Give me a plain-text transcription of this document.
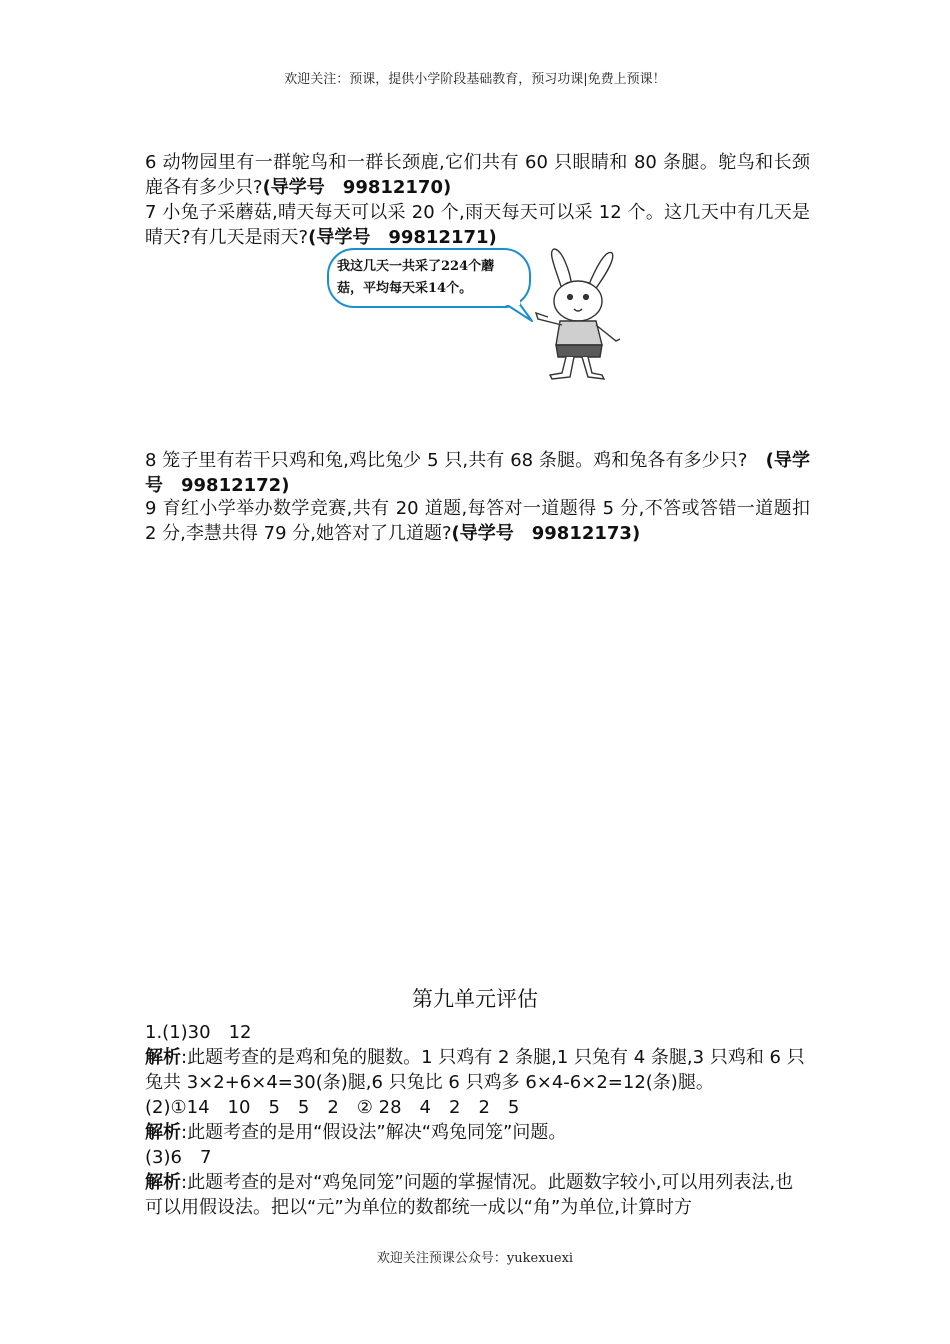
欢迎关注：预课，提供小学阶段基础教育，预习功课|免费上预课！
6 动物园里有一群鸵鸟和一群长颈鹿,它们共有 60 只眼睛和 80 条腿。鸵鸟和长颈鹿各有多少只?(导学号　99812170)
7 小兔子采蘑菇,晴天每天可以采 20 个,雨天每天可以采 12 个。这几天中有几天是晴天?有几天是雨天?(导学号　99812171)
我这几天一共采了224个蘑
菇，平均每天采14个。
8 笼子里有若干只鸡和兔,鸡比兔少 5 只,共有 68 条腿。鸡和兔各有多少只?　(导学号　99812172)
9 育红小学举办数学竞赛,共有 20 道题,每答对一道题得 5 分,不答或答错一道题扣 2 分,李慧共得 79 分,她答对了几道题?(导学号　99812173)
第九单元评估
1.(1)30　12
解析:此题考查的是鸡和兔的腿数。1 只鸡有 2 条腿,1 只兔有 4 条腿,3 只鸡和 6 只兔共 3×2+6×4=30(条)腿,6 只兔比 6 只鸡多 6×4-6×2=12(条)腿。
(2)①14　10　5　5　2　② 28　4　2　2　5
解析:此题考查的是用“假设法”解决“鸡兔同笼”问题。
(3)6　7
解析:此题考查的是对“鸡兔同笼”问题的掌握情况。此题数字较小,可以用列表法,也可以用假设法。把以“元”为单位的数都统一成以“角”为单位,计算时方
欢迎关注预课公众号：yukexuexi
